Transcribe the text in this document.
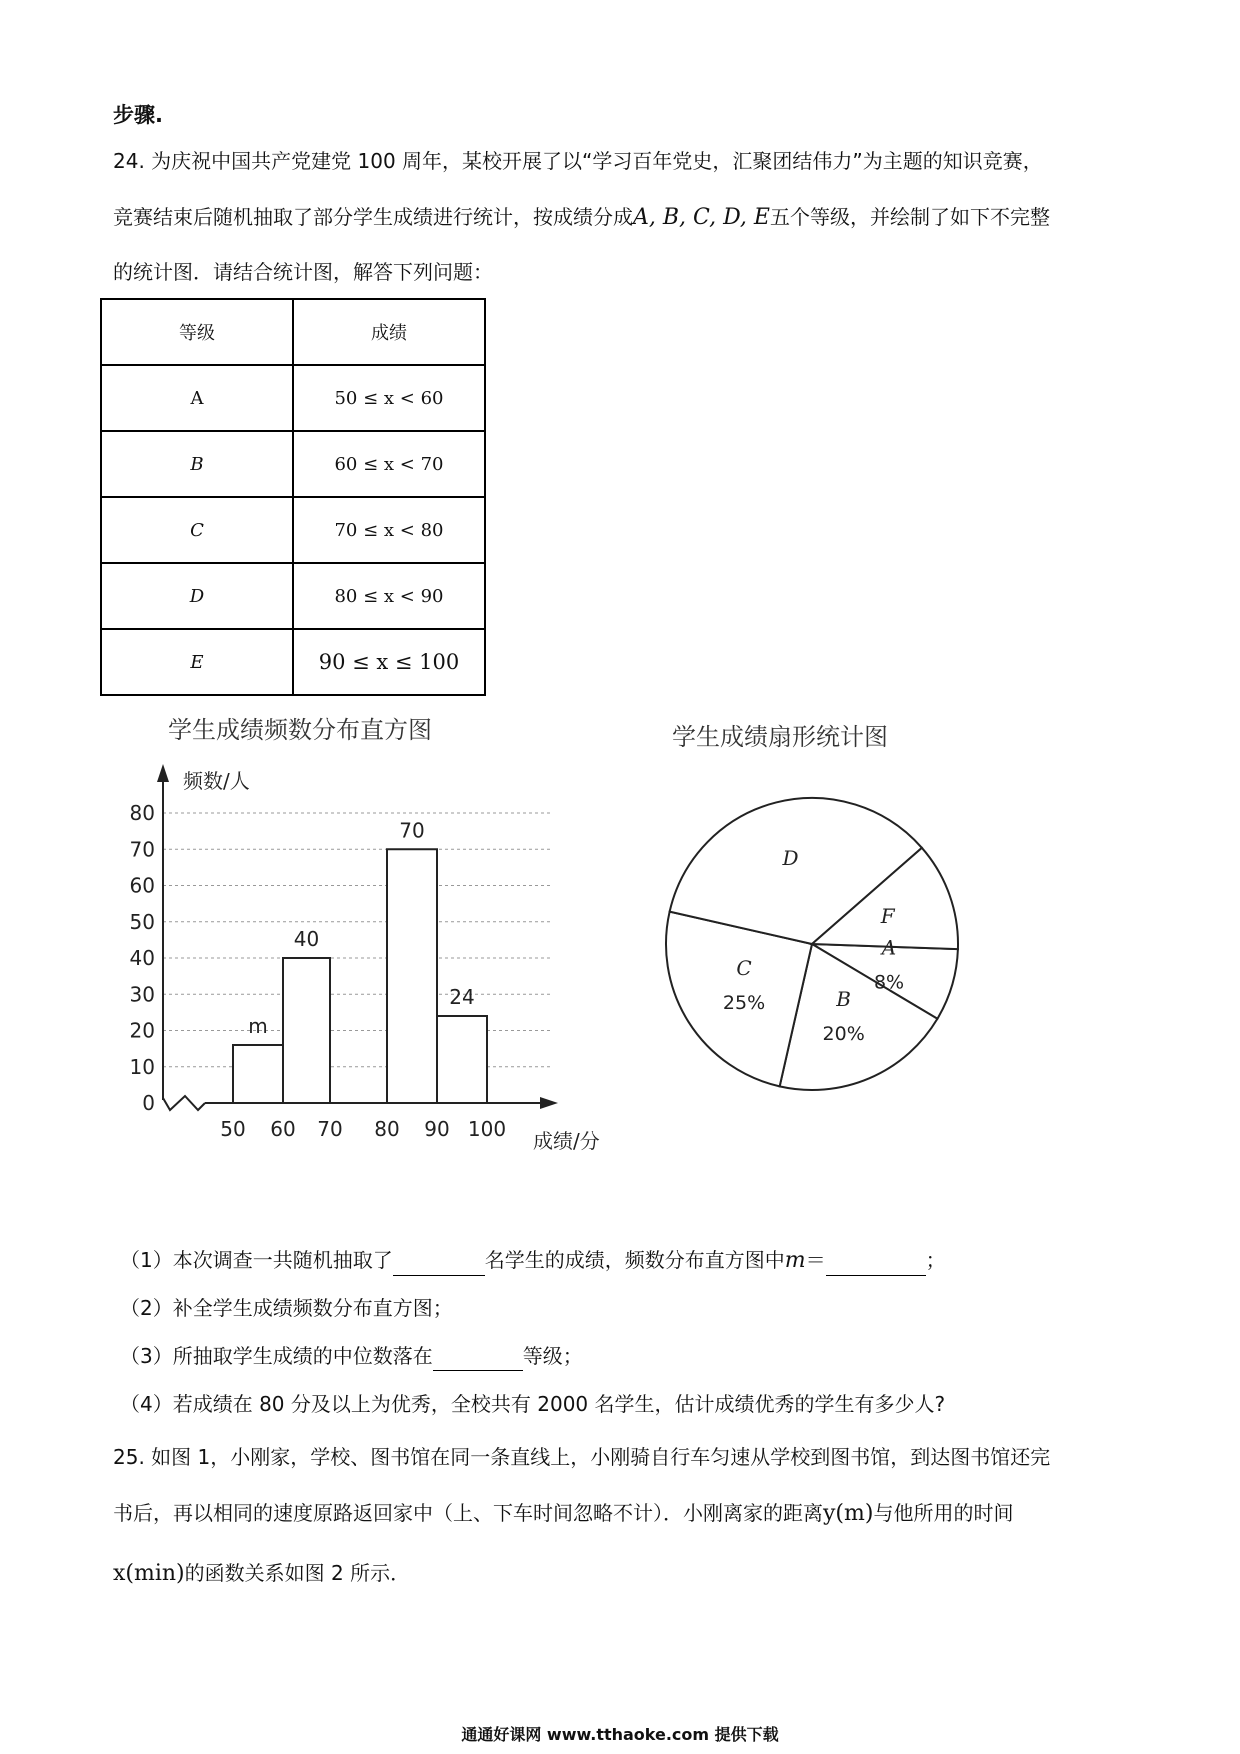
步骤.
24. 为庆祝中国共产党建党 100 周年，某校开展了以“学习百年党史，汇聚团结伟力”为主题的知识竞赛，
竞赛结束后随机抽取了部分学生成绩进行统计，按成绩分成A, B, C, D, E五个等级，并绘制了如下不完整
的统计图．请结合统计图，解答下列问题：
等级	成绩
A	50 ≤ x < 60
B	60 ≤ x < 70
C	70 ≤ x < 80
D	80 ≤ x < 90
E	90 ≤ x ≤ 100
学生成绩频数分布直方图
m
40
70
24
0
10
20
30
40
50
60
70
80
50 60 70 80 90 100
频数/人
成绩/分
学生成绩扇形统计图
A
8%
B
20%
C
25%
D
F
（1）本次调查一共随机抽取了	名学生的成绩，频数分布直方图中m＝	；
（2）补全学生成绩频数分布直方图；
（3）所抽取学生成绩的中位数落在	等级；
（4）若成绩在 80 分及以上为优秀，全校共有 2000 名学生，估计成绩优秀的学生有多少人?
25. 如图 1，小刚家，学校、图书馆在同一条直线上，小刚骑自行车匀速从学校到图书馆，到达图书馆还完
书后，再以相同的速度原路返回家中（上、下车时间忽略不计）．小刚离家的距离y(m)与他所用的时间
x(min)的函数关系如图 2 所示．
通通好课网 www.tthaoke.com 提供下载
